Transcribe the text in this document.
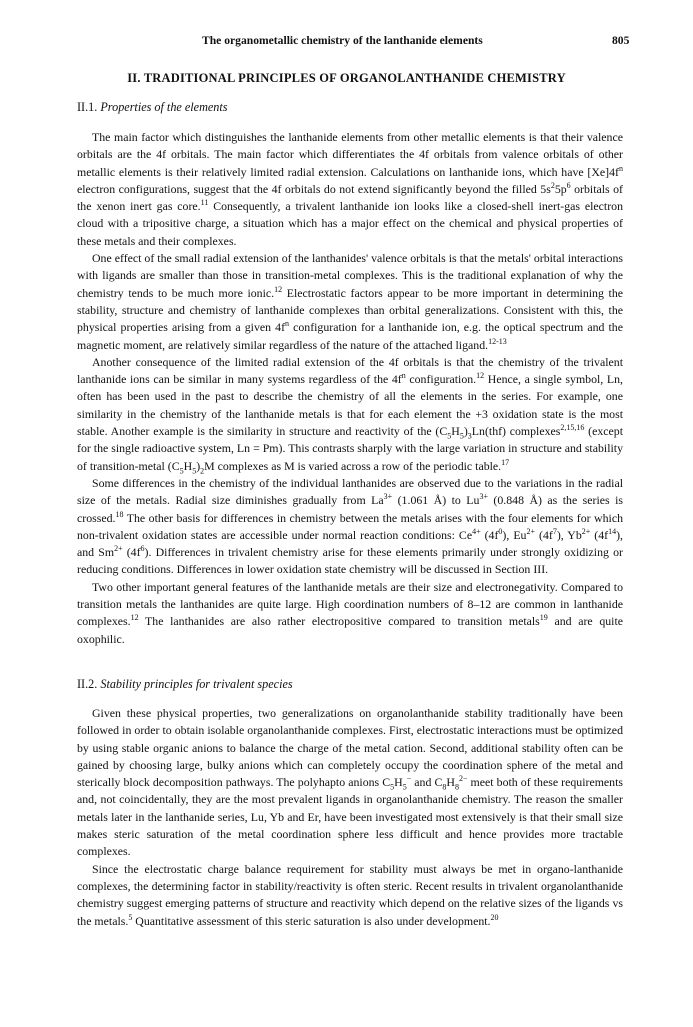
The organometallic chemistry of the lanthanide elements	805
II. TRADITIONAL PRINCIPLES OF ORGANOLANTHANIDE CHEMISTRY
II.1. Properties of the elements

The main factor which distinguishes the lanthanide elements from other metallic elements is that their valence orbitals are the 4f orbitals. The main factor which differentiates the 4f orbitals from valence orbitals of other metallic elements is their relatively limited radial extension. Calculations on lanthanide ions, which have $[Xe]4f^n$ electron configurations, suggest that the 4f orbitals do not extend significantly beyond the filled $5s^25p^6$ orbitals of the xenon inert gas core.$^{11}$ Consequently, a trivalent lanthanide ion looks like a closed-shell inert-gas electron cloud with a tripositive charge, a situation which has a major effect on the chemical and physical properties of these metals and their complexes.

One effect of the small radial extension of the lanthanides' valence orbitals is that the metals' orbital interactions with ligands are smaller than those in transition-metal complexes. This is the traditional explanation of why the chemistry tends to be much more ionic.$^{12}$ Electrostatic factors appear to be more important in determining the stability, structure and chemistry of lanthanide complexes than orbital generalizations. Consistent with this, the physical properties arising from a given $4f^n$ configuration for a lanthanide ion, e.g. the optical spectrum and the magnetic moment, are relatively similar regardless of the nature of the attached ligand.$^{12-13}$

Another consequence of the limited radial extension of the 4f orbitals is that the chemistry of the trivalent lanthanide ions can be similar in many systems regardless of the $4f^n$ configuration.$^{12}$ Hence, a single symbol, Ln, often has been used in the past to describe the chemistry of all the elements in the series. For example, one similarity in the chemistry of the lanthanide metals is that for each element the +3 oxidation state is the most stable. Another example is the similarity in structure and reactivity of the $(C_5H_5)_3Ln(thf)$ complexes$^{2,15,16}$ (except for the single radioactive system, Ln = Pm). This contrasts sharply with the large variation in structure and stability of transition-metal $(C_5H_5)_2M$ complexes as M is varied across a row of the periodic table.$^{17}$

Some differences in the chemistry of the individual lanthanides are observed due to the variations in the radial size of the metals. Radial size diminishes gradually from $La^{3+}$ (1.061 Å) to $Lu^{3+}$ (0.848 Å) as the series is crossed.$^{18}$ The other basis for differences in chemistry between the metals arises with the four elements for which non-trivalent oxidation states are accessible under normal reaction conditions: $Ce^{4+}$ $(4f^0)$, $Eu^{2+}$ $(4f^7)$, $Yb^{2+}$ $(4f^{14})$, and $Sm^{2+}$ $(4f^6)$. Differences in trivalent chemistry arise for these elements primarily under strongly oxidizing or reducing conditions. Differences in lower oxidation state chemistry will be discussed in Section III.

Two other important general features of the lanthanide metals are their size and electronegativity. Compared to transition metals the lanthanides are quite large. High coordination numbers of 8–12 are common in lanthanide complexes.$^{12}$ The lanthanides are also rather electropositive compared to transition metals$^{19}$ and are quite oxophilic.

II.2. Stability principles for trivalent species

Given these physical properties, two generalizations on organolanthanide stability traditionally have been followed in order to obtain isolable organolanthanide complexes. First, electrostatic interactions must be optimized by using stable organic anions to balance the charge of the metal cation. Second, additional stability often can be gained by choosing large, bulky anions which can completely occupy the coordination sphere of the metal and sterically block decomposition pathways. The polyhapto anions $C_5H_5^-$ and $C_8H_8^{2-}$ meet both of these requirements and, not coincidentally, they are the most prevalent ligands in organolanthanide chemistry. The reason the smaller metals later in the lanthanide series, Lu, Yb and Er, have been investigated most extensively is that their small size makes steric saturation of the metal coordination sphere less difficult and hence provides more tractable complexes.

Since the electrostatic charge balance requirement for stability must always be met in organo-lanthanide complexes, the determining factor in stability/reactivity is often steric. Recent results in trivalent organolanthanide chemistry suggest emerging patterns of structure and reactivity which depend on the relative sizes of the ligands vs the metals.$^5$ Quantitative assessment of this steric saturation is also under development.$^{20}$
